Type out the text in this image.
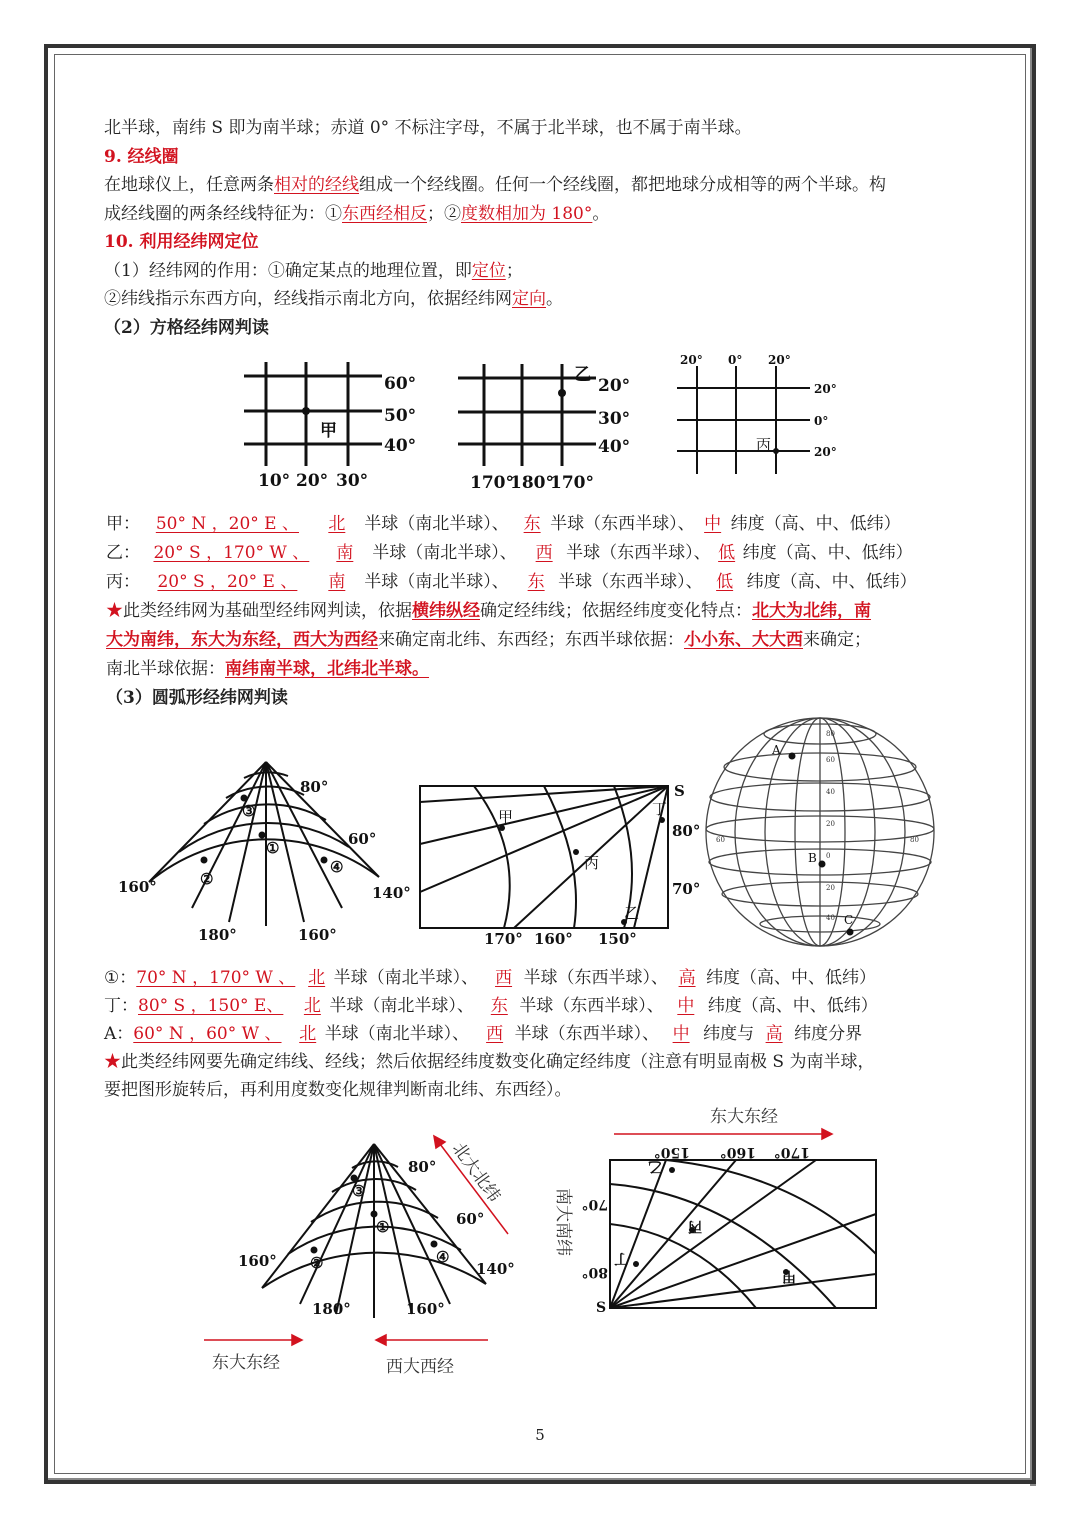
北半球，南纬 S 即为南半球；赤道 0° 不标注字母，不属于北半球，也不属于南半球。
9. 经线圈
在地球仪上，任意两条相对的经线组成一个经线圈。任何一个经线圈，都把地球分成相等的两个半球。构
成经线圈的两条经线特征为：①东西经相反；②度数相加为 180°。
10. 利用经纬网定位
（1）经纬网的作用：①确定某点的地理位置，即定位；
②纬线指示东西方向，经线指示南北方向，依据经纬网定向。
（2）方格经纬网判读
60°
50°
40°
10° 20° 30°
甲
20°
30°
40°
170°
180°
170°
乙
20° 0° 20°
20°
0°
20°
丙
甲： 50° N ，20° E 、 北 半球（南北半球）、 东 半球（东西半球）、 中 纬度（高、中、低纬）
乙： 20° S ，170° W 、 南 半球（南北半球）、 西 半球（东西半球）、 低 纬度（高、中、低纬）
丙： 20° S ，20° E 、 南 半球（南北半球）、 东 半球（东西半球）、 低 纬度（高、中、低纬）
★此类经纬网为基础型经纬网判读，依据横纬纵经确定经纬线；依据经纬度变化特点：北大为北纬，南
大为南纬，东大为东经，西大为西经来确定南北纬、东西经；东西半球依据：小小东、大大西来确定；
南北半球依据：南纬南半球，北纬北半球。
（3）圆弧形经纬网判读
80°
60°
160°	140°
180°	160°
①
②
③
④
S
80°
70°
170° 160° 150°
甲
丙
丁
乙
A
B
C
60
40
20
0
20
40
60	80
80
①：70° N ，170° W 、 北 半球（南北半球）、 西 半球（东西半球）、 高 纬度（高、中、低纬）
丁：80° S ，150° E、 北 半球（南北半球）、 东 半球（东西半球）、 中 纬度（高、中、低纬）
A：60° N ，60° W 、 北 半球（南北半球）、 西 半球（东西半球）、 中 纬度与 高 纬度分界
★此类经纬网要先确定纬线、经线；然后依据经纬度数变化确定经纬度（注意有明显南极 S 为南半球，
要把图形旋转后，再利用度数变化规律判断南北纬、东西经）。
80°
60°
160°	140°
180°	160°
①
②
③
④
东大东经	西大西经
东大东经
北大北纬
南大南纬
150° 160° 170°
70°
80°
S
乙
丙
丁
甲
5
